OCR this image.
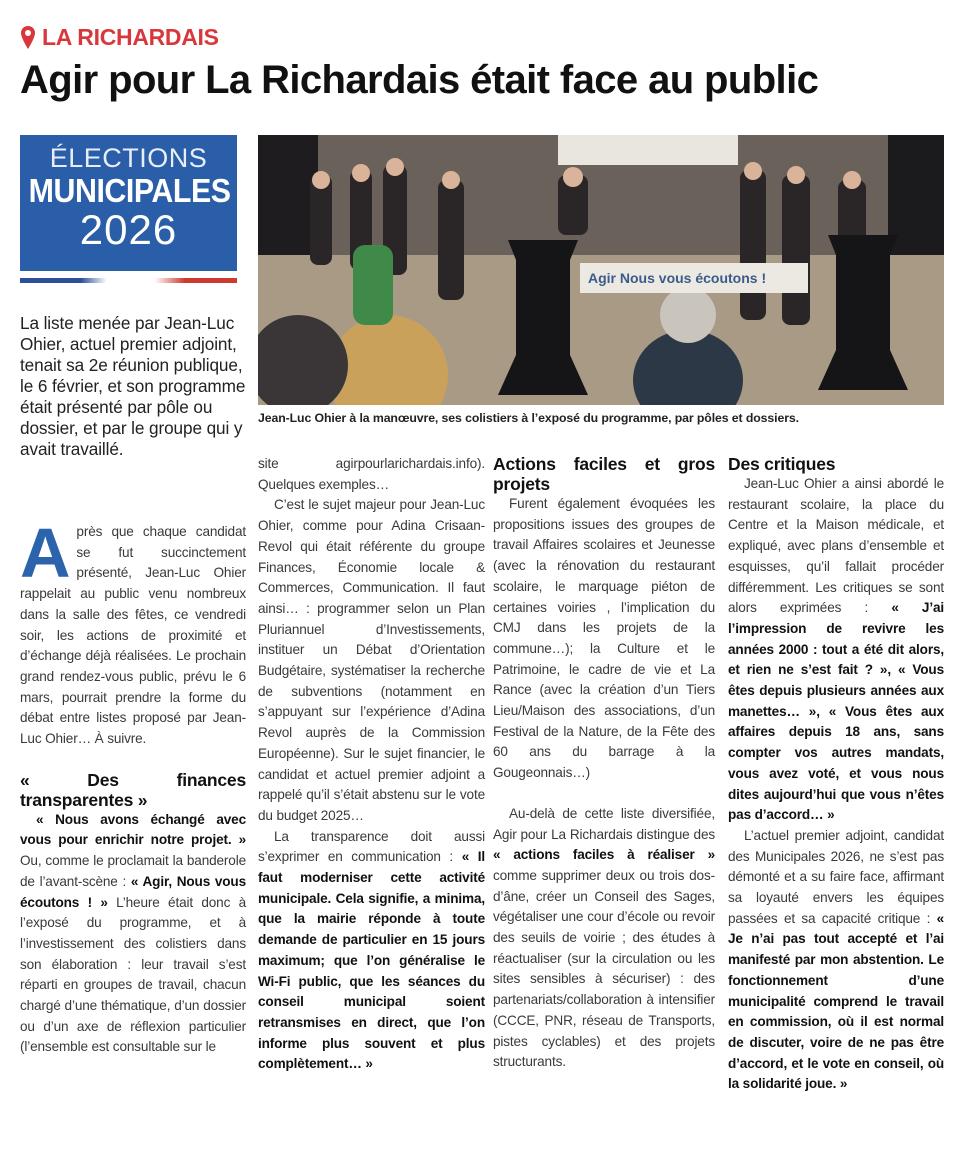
LA RICHARDAIS
Agir pour La Richardais était face au public
ÉLECTIONS
MUNICIPALES
2026
Agir Nous vous écoutons !
Jean-Luc Ohier à la manœuvre, ses colistiers à l’exposé du programme, par pôles et dossiers.
La liste menée par Jean-Luc Ohier, actuel premier adjoint, tenait sa 2e réunion publique, le 6 février, et son programme était présenté par pôle ou dossier, et par le groupe qui y avait travaillé.

Après que chaque candidat se fut succinctement présenté, Jean-Luc Ohier rappelait au public venu nombreux dans la salle des fêtes, ce vendredi soir, les actions de proximité et d’échange déjà réalisées. Le prochain grand rendez-vous public, prévu le 6 mars, pourrait prendre la forme du débat entre listes proposé par Jean-Luc Ohier… À suivre.

« Des finances transparentes »

« Nous avons échangé avec vous pour enrichir notre projet. » Ou, comme le proclamait la banderole de l’avant-scène : « Agir, Nous vous écoutons ! » L’heure était donc à l’exposé du programme, et à l’investissement des colistiers dans son élaboration : leur travail s’est réparti en groupes de travail, chacun chargé d’une thématique, d’un dossier ou d’un axe de réflexion particulier (l’ensemble est consultable sur le

site agirpourlarichardais.info). Quelques exemples…

C’est le sujet majeur pour Jean-Luc Ohier, comme pour Adina Crisaan-Revol qui était référente du groupe Finances, Économie locale & Commerces, Communication. Il faut ainsi… : programmer selon un Plan Pluriannuel d’Investissements, instituer un Débat d’Orientation Budgétaire, systématiser la recherche de subventions (notamment en s’appuyant sur l’expérience d’Adina Revol auprès de la Commission Européenne). Sur le sujet financier, le candidat et actuel premier adjoint a rappelé qu’il s’était abstenu sur le vote du budget 2025…

La transparence doit aussi s’exprimer en communication : « Il faut moderniser cette activité municipale. Cela signifie, a minima, que la mairie réponde à toute demande de particulier en 15 jours maximum; que l’on généralise le Wi-Fi public, que les séances du conseil municipal soient retransmises en direct, que l’on informe plus souvent et plus complètement… »

Actions faciles et gros projets

Furent également évoquées les propositions issues des groupes de travail Affaires scolaires et Jeunesse (avec la rénovation du restaurant scolaire, le marquage piéton de certaines voiries , l’implication du CMJ dans les projets de la commune…); la Culture et le Patrimoine, le cadre de vie et La Rance (avec la création d’un Tiers Lieu/Maison des associations, d’un Festival de la Nature, de la Fête des 60 ans du barrage à la Gougeonnais…)

Au-delà de cette liste diversifiée, Agir pour La Richardais distingue des « actions faciles à réaliser » comme supprimer deux ou trois dos-d’âne, créer un Conseil des Sages, végétaliser une cour d’école ou revoir des seuils de voirie ; des études à réactualiser (sur la circulation ou les sites sensibles à sécuriser) : des partenariats/collaboration à intensifier (CCCE, PNR, réseau de Transports, pistes cyclables) et des projets structurants.

Des critiques

Jean-Luc Ohier a ainsi abordé le restaurant scolaire, la place du Centre et la Maison médicale, et expliqué, avec plans d’ensemble et esquisses, qu’il fallait procéder différemment. Les critiques se sont alors exprimées : « J’ai l’impression de revivre les années 2000 : tout a été dit alors, et rien ne s’est fait ? », « Vous êtes depuis plusieurs années aux manettes… », « Vous êtes aux affaires depuis 18 ans, sans compter vos autres mandats, vous avez voté, et vous nous dites aujourd’hui que vous n’êtes pas d’accord… »

L’actuel premier adjoint, candidat des Municipales 2026, ne s’est pas démonté et a su faire face, affirmant sa loyauté envers les équipes passées et sa capacité critique : « Je n’ai pas tout accepté et l’ai manifesté par mon abstention. Le fonctionnement d’une municipalité comprend le travail en commission, où il est normal de discuter, voire de ne pas être d’accord, et le vote en conseil, où la solidarité joue. »
